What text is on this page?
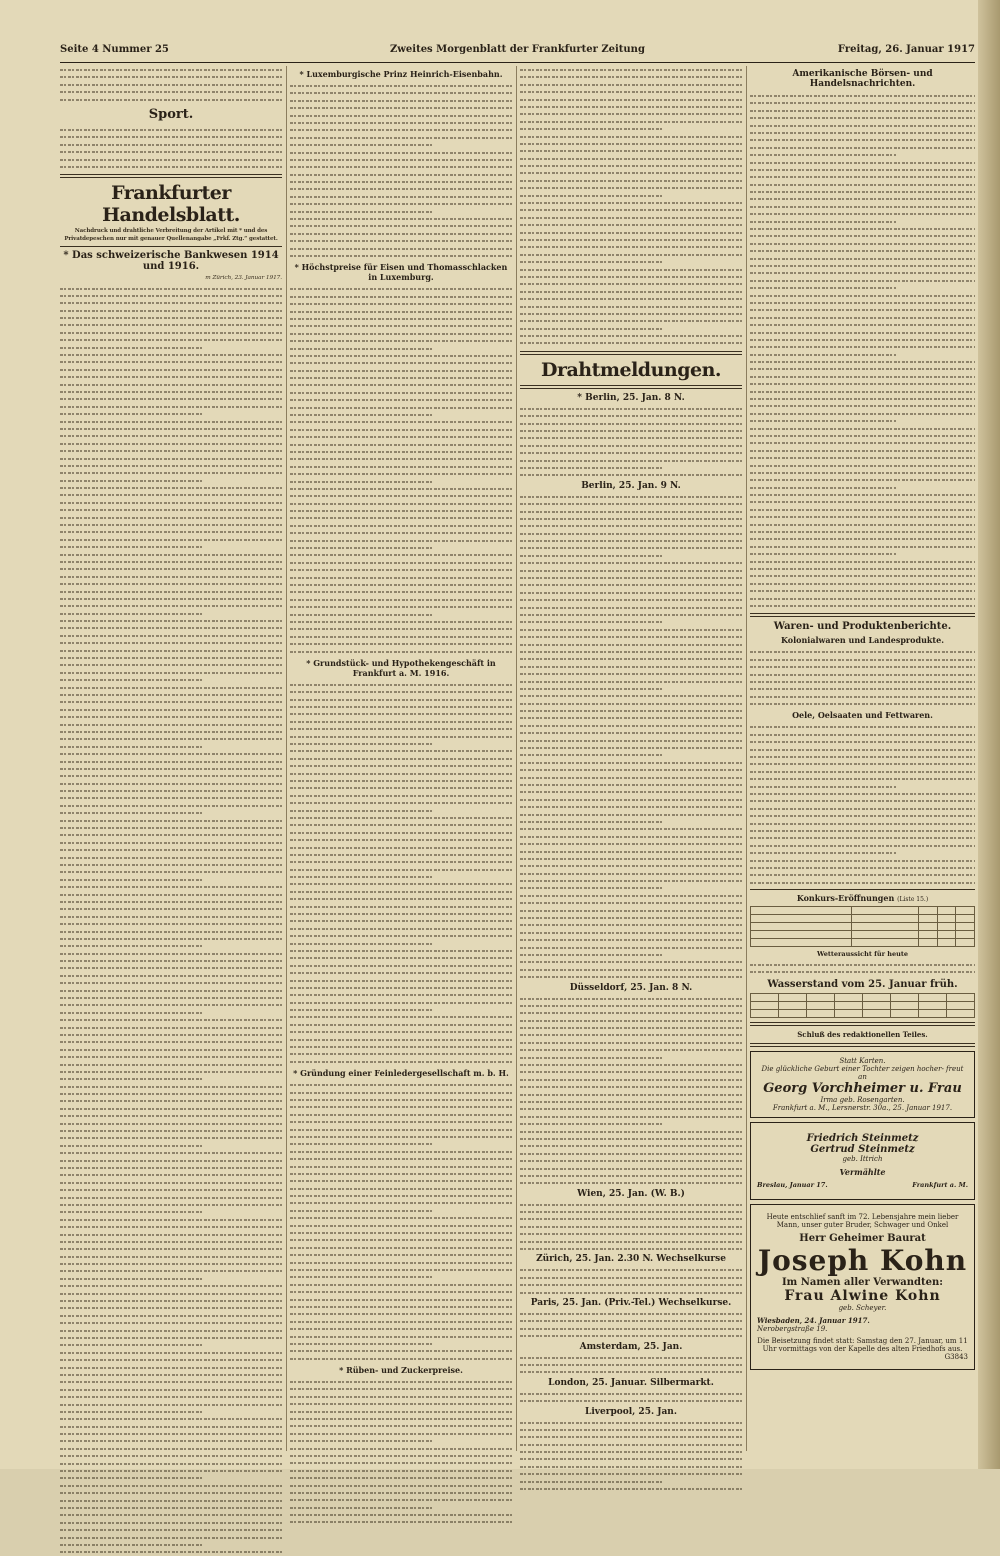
Seite 4 Nummer 25	Zweites Morgenblatt der Frankfurter Zeitung	Freitag, 26. Januar 1917
Sport.
Frankfurter Handelsblatt.
Nachdruck und drahtliche Verbreitung der Artikel mit * und des Privatdepeschen nur mit genauer Quellenangabe „Frkf. Ztg.“ gestattet.
* Das schweizerische Bankwesen 1914 und 1916.
m Zürich, 23. Januar 1917.
* Luxemburgische Prinz Heinrich-Eisenbahn.
* Höchstpreise für Eisen und Thomasschlacken in Luxemburg.
* Grundstück- und Hypothekengeschäft in Frankfurt a. M. 1916.
* Gründung einer Feinledergesellschaft m. b. H.
* Rüben- und Zuckerpreise.
Drahtmeldungen.
* Berlin, 25. Jan. 8 N.
Berlin, 25. Jan. 9 N.
Düsseldorf, 25. Jan. 8 N.
Wien, 25. Jan. (W. B.)
Zürich, 25. Jan. 2.30 N. Wechselkurse
Paris, 25. Jan. (Priv.-Tel.) Wechselkurse.
Amsterdam, 25. Jan.
London, 25. Januar. Silbermarkt.
Liverpool, 25. Jan.
Amerikanische Börsen- und Handelsnachrichten.
Waren- und Produktenberichte.
Kolonialwaren und Landesprodukte.
Oele, Oelsaaten und Fettwaren.
Konkurs-Eröffnungen (Liste 15.)

Wetteraussicht für heute
Wasserstand vom 25. Januar früh.

Schluß des redaktionellen Teiles.
Statt Karten.
Die glückliche Geburt einer Tochter zeigen hocher- freut an
Georg Vorchheimer u. Frau
Irma geb. Rosengarten.
Frankfurt a. M., Lersnerstr. 30a., 25. Januar 1917.
Friedrich Steinmetz
Gertrud Steinmetz
geb. Ittrich
Vermählte
Breslau, Januar 17.	Frankfurt a. M.
Heute entschlief sanft im 72. Lebensjahre mein lieber Mann, unser guter Bruder, Schwager und Onkel
Herr Geheimer Baurat
Joseph Kohn
Im Namen aller Verwandten:
Frau Alwine Kohn
geb. Scheyer.
Wiesbaden, 24. Januar 1917.
Nerobergstraße 19.
Die Beisetzung findet statt: Samstag den 27. Januar, um 11 Uhr vormittags von der Kapelle des alten Friedhofs aus.
G3843
